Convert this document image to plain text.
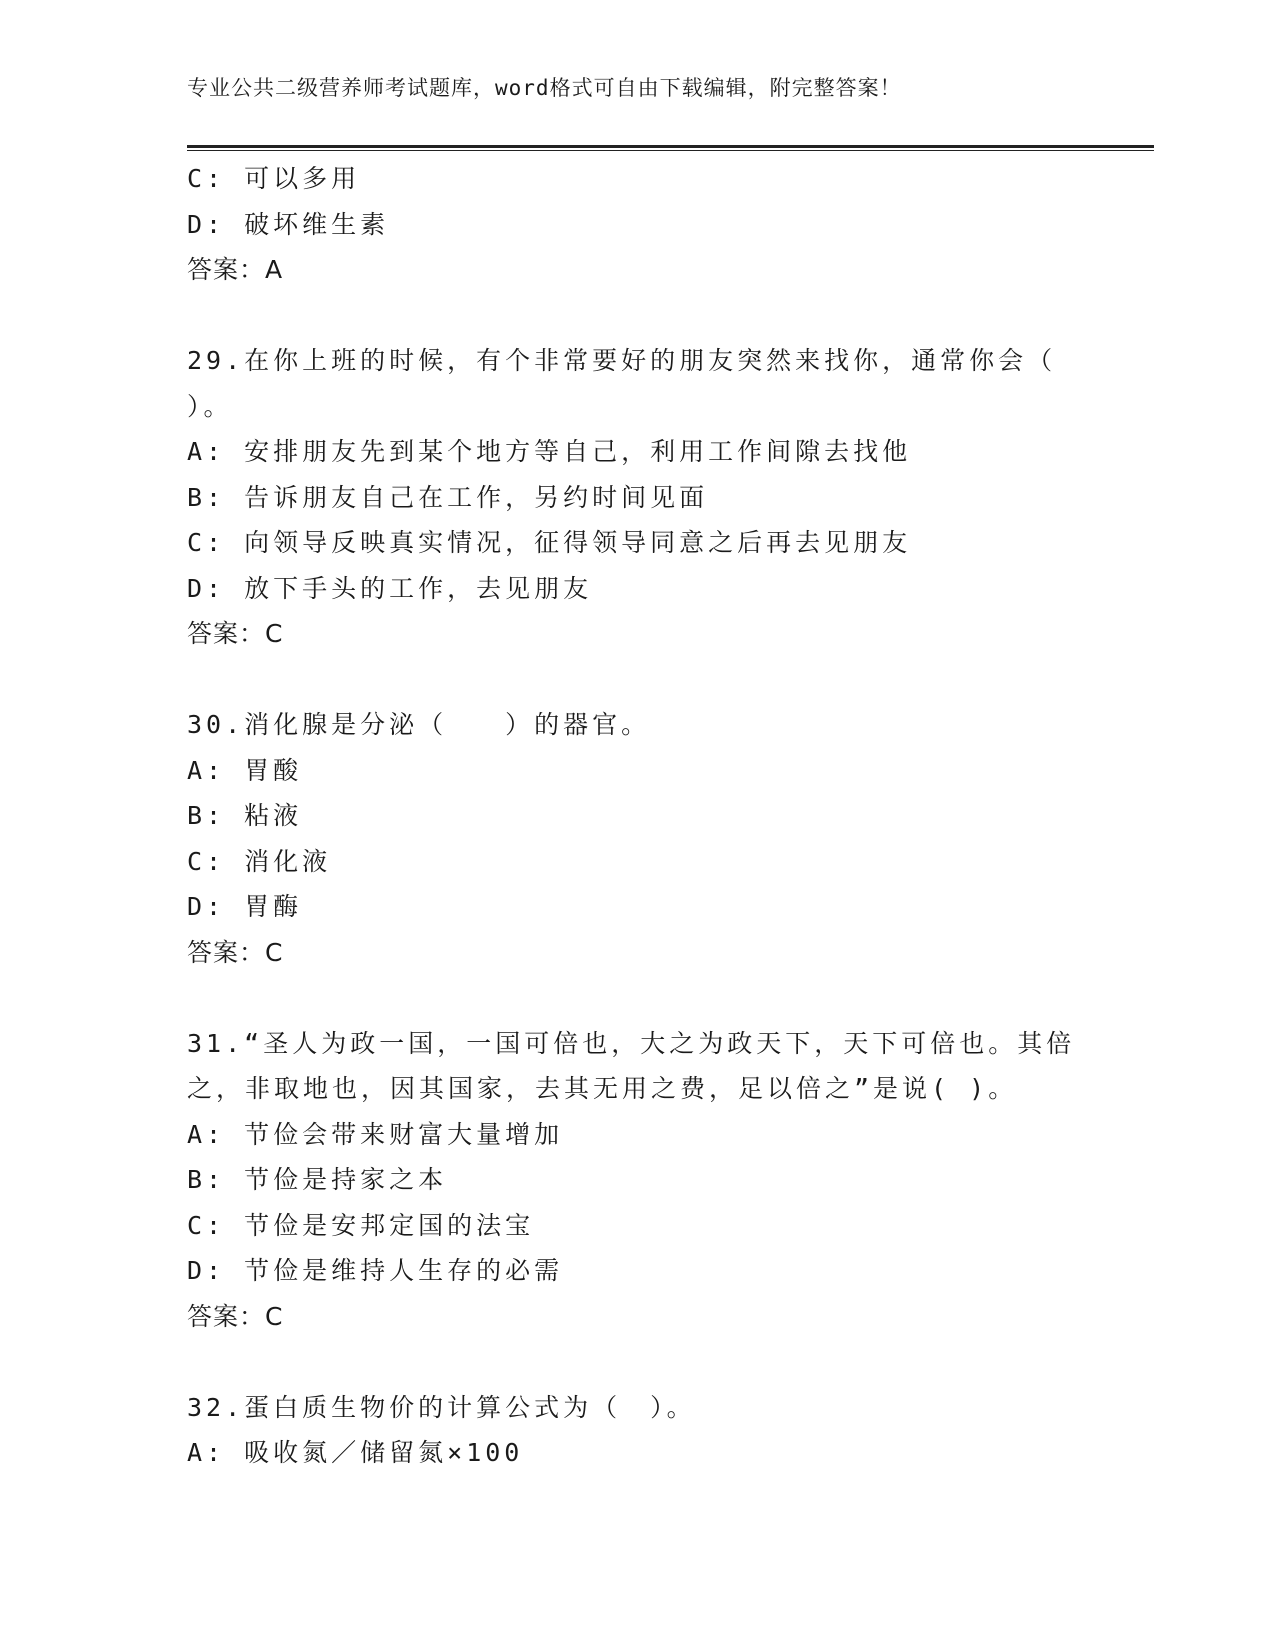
专业公共二级营养师考试题库，word格式可自由下载编辑，附完整答案！
C: 可以多用
D: 破坏维生素
答案：A
29.在你上班的时候，有个非常要好的朋友突然来找你，通常你会（
）。
A: 安排朋友先到某个地方等自己，利用工作间隙去找他
B: 告诉朋友自己在工作，另约时间见面
C: 向领导反映真实情况，征得领导同意之后再去见朋友
D: 放下手头的工作，去见朋友
答案：C
30.消化腺是分泌（　　）的器官。
A: 胃酸
B: 粘液
C: 消化液
D: 胃酶
答案：C
31.“圣人为政一国，一国可倍也，大之为政天下，天下可倍也。其倍
之，非取地也，因其国家，去其无用之费，足以倍之”是说( )。
A: 节俭会带来财富大量增加
B: 节俭是持家之本
C: 节俭是安邦定国的法宝
D: 节俭是维持人生存的必需
答案：C
32.蛋白质生物价的计算公式为（　）。
A: 吸收氮／储留氮×100
